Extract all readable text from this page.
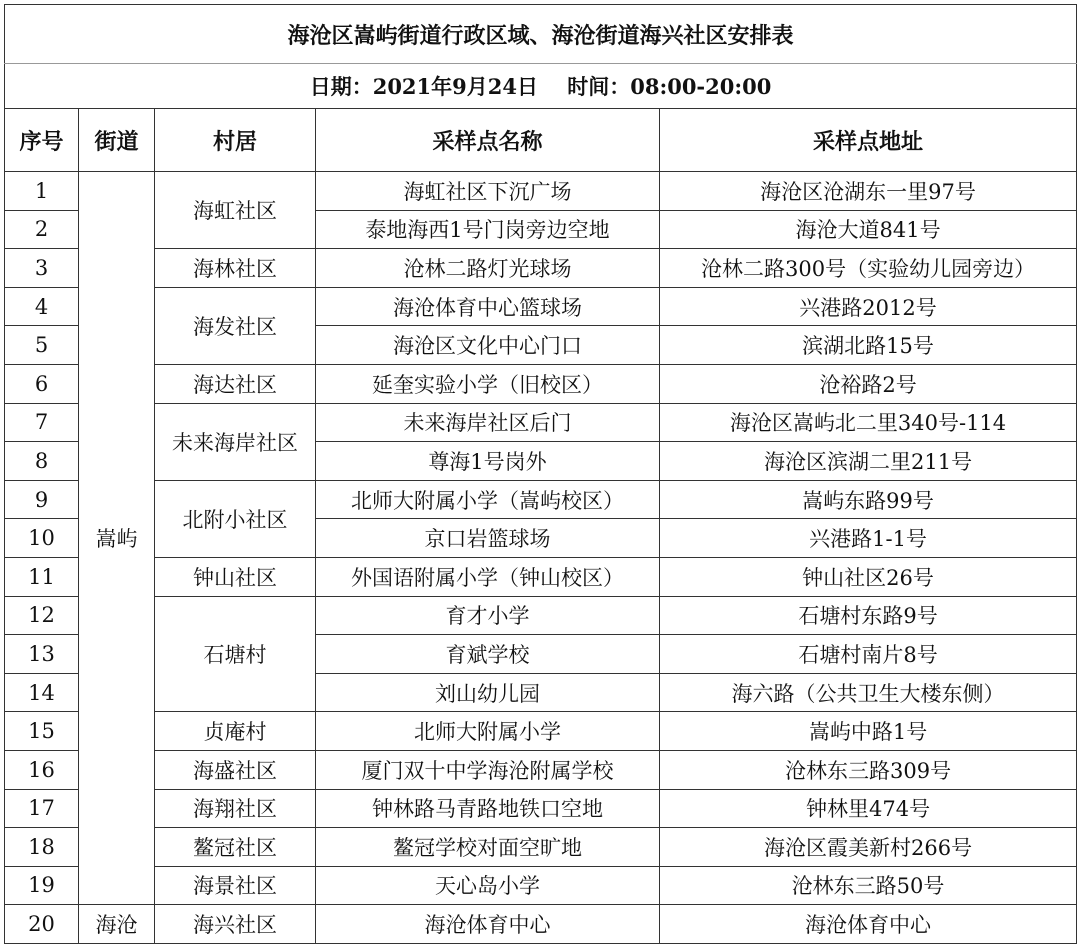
海沧区嵩屿街道行政区域、海沧街道海兴社区安排表				
日期：2021年9月24日    时间：08:00-20:00				
序号	街道	村居	采样点名称	采样点地址
1	嵩屿	海虹社区	海虹社区下沉广场	海沧区沧湖东一里97号
2			泰地海西1号门岗旁边空地	海沧大道841号
3		海林社区	沧林二路灯光球场	沧林二路300号（实验幼儿园旁边）
4		海发社区	海沧体育中心篮球场	兴港路2012号
5			海沧区文化中心门口	滨湖北路15号
6		海达社区	延奎实验小学（旧校区）	沧裕路2号
7		未来海岸社区	未来海岸社区后门	海沧区嵩屿北二里340号-114
8			尊海1号岗外	海沧区滨湖二里211号
9		北附小社区	北师大附属小学（嵩屿校区）	嵩屿东路99号
10			京口岩篮球场	兴港路1-1号
11		钟山社区	外国语附属小学（钟山校区）	钟山社区26号
12		石塘村	育才小学	石塘村东路9号
13			育斌学校	石塘村南片8号
14			刘山幼儿园	海六路（公共卫生大楼东侧）
15		贞庵村	北师大附属小学	嵩屿中路1号
16		海盛社区	厦门双十中学海沧附属学校	沧林东三路309号
17		海翔社区	钟林路马青路地铁口空地	钟林里474号
18		鳌冠社区	鳌冠学校对面空旷地	海沧区霞美新村266号
19		海景社区	天心岛小学	沧林东三路50号
20	海沧	海兴社区	海沧体育中心	海沧体育中心
